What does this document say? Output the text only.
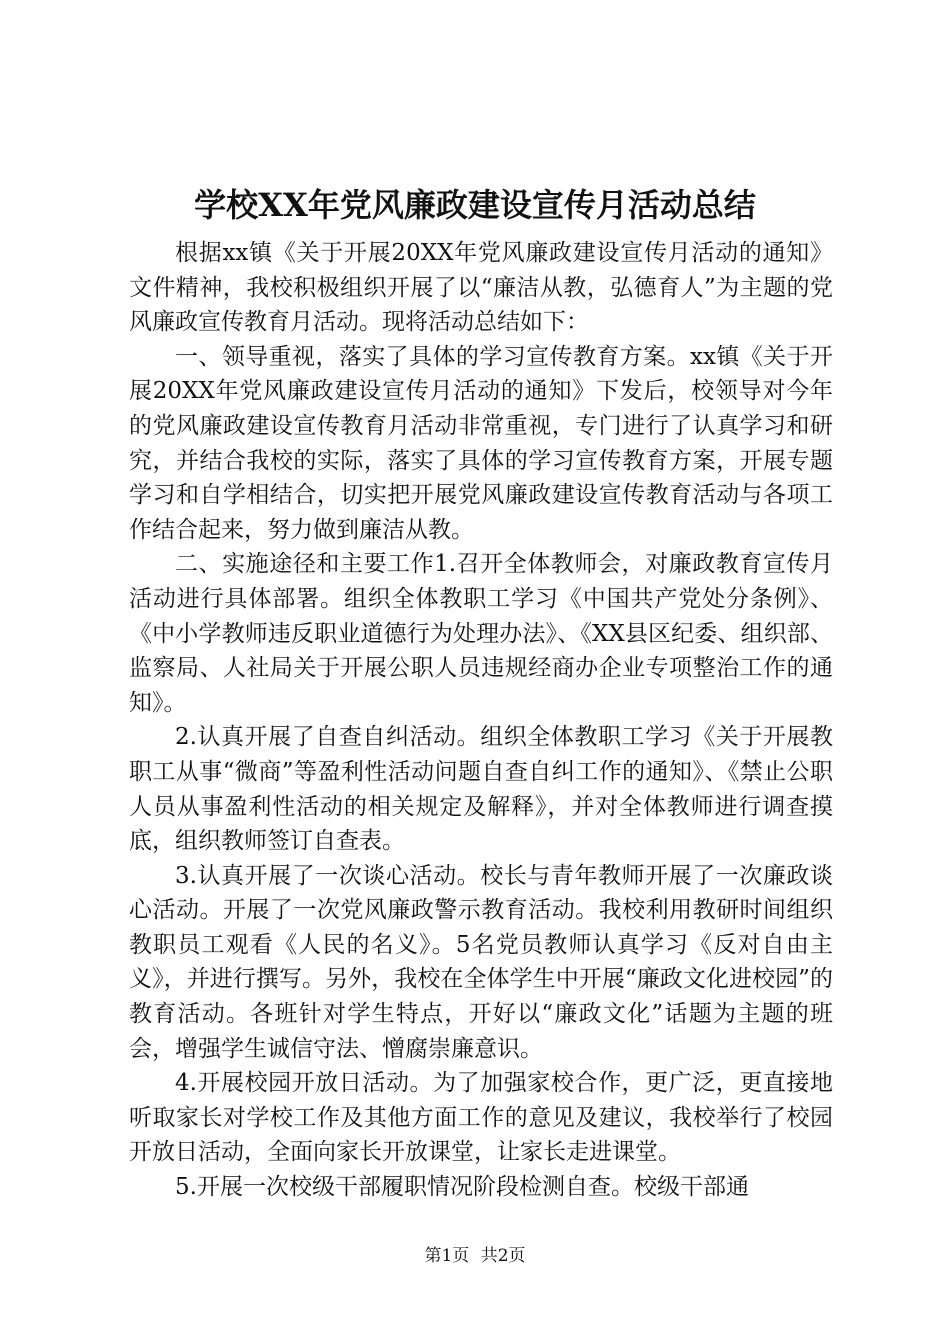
学校XX年党风廉政建设宣传月活动总结

根据xx镇《关于开展20XX年党风廉政建设宣传月活动的通知》文件精神，我校积极组织开展了以“廉洁从教，弘德育人”为主题的党风廉政宣传教育月活动。现将活动总结如下：

一、领导重视，落实了具体的学习宣传教育方案。xx镇《关于开展20XX年党风廉政建设宣传月活动的通知》下发后，校领导对今年的党风廉政建设宣传教育月活动非常重视，专门进行了认真学习和研究，并结合我校的实际，落实了具体的学习宣传教育方案，开展专题学习和自学相结合，切实把开展党风廉政建设宣传教育活动与各项工作结合起来，努力做到廉洁从教。

二、实施途径和主要工作1.召开全体教师会，对廉政教育宣传月活动进行具体部署。组织全体教职工学习《中国共产党处分条例》、《中小学教师违反职业道德行为处理办法》、《XX县区纪委、组织部、监察局、人社局关于开展公职人员违规经商办企业专项整治工作的通知》。

2.认真开展了自查自纠活动。组织全体教职工学习《关于开展教职工从事“微商”等盈利性活动问题自查自纠工作的通知》、《禁止公职人员从事盈利性活动的相关规定及解释》，并对全体教师进行调查摸底，组织教师签订自查表。

3.认真开展了一次谈心活动。校长与青年教师开展了一次廉政谈心活动。开展了一次党风廉政警示教育活动。我校利用教研时间组织教职员工观看《人民的名义》。5名党员教师认真学习《反对自由主义》，并进行撰写。另外，我校在全体学生中开展“廉政文化进校园”的教育活动。各班针对学生特点，开好以“廉政文化”话题为主题的班会，增强学生诚信守法、憎腐崇廉意识。

4.开展校园开放日活动。为了加强家校合作，更广泛，更直接地听取家长对学校工作及其他方面工作的意见及建议，我校举行了校园开放日活动，全面向家长开放课堂，让家长走进课堂。

5.开展一次校级干部履职情况阶段检测自查。校级干部通

第1页 共2页
